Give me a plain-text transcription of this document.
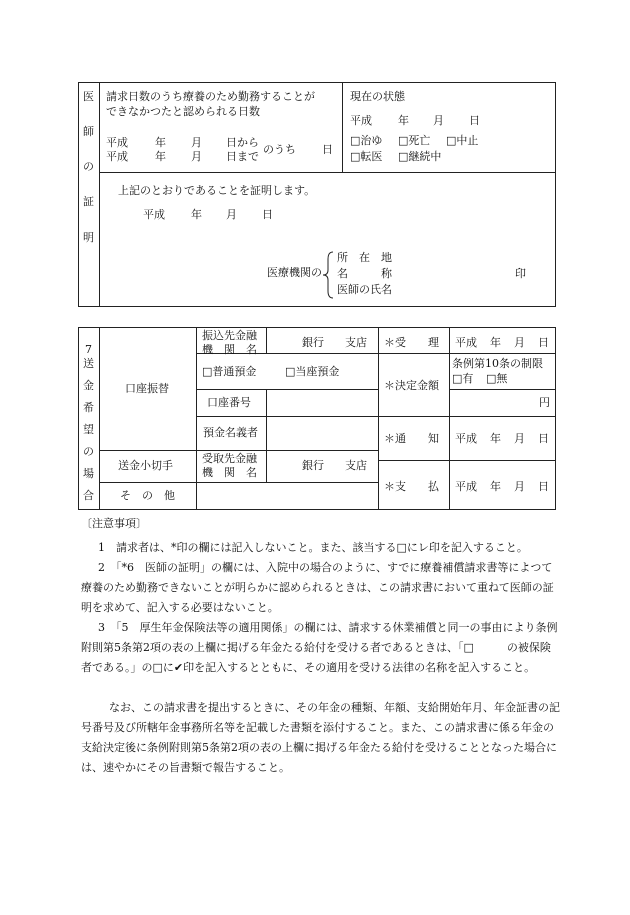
医
師
の
証
明
請求日数のうち療養のため勤務することが
できなかつたと認められる日数
平成 年 月 日から
平成 年 月 日まで
のうち 日
現在の状態
平成 年 月 日
□治ゆ □死亡 □中止
□転医 □継続中
上記のとおりであることを証明します。
平成 年 月 日
医療機関の
所　在　地
名　　　称
医師の氏名
印
7
送
金
希
望
の
場
合
口座振替
送金小切手
そ　の　他
振込先金融
機　関　名
銀行 支店
□普通預金	□当座預金
口座番号
預金名義者
受取先金融
機　関　名
銀行 支店
＊受　　理
＊決定金額
＊通　　知
＊支　　払
平成 年 月 日
条例第10条の制限
□有 □無
円
平成 年 月 日
平成 年 月 日
〔注意事項〕
1　請求者は、*印の欄には記入しないこと。また、該当する□にレ印を記入すること。
2　「*6　医師の証明」の欄には、入院中の場合のように、すでに療養補償請求書等によつて療養のため勤務できないことが明らかに認められるときは、この請求書において重ねて医師の証明を求めて、記入する必要はないこと。
3　「5　厚生年金保険法等の適用関係」の欄には、請求する休業補償と同一の事由により条例附則第5条第2項の表の上欄に掲げる年金たる給付を受ける者であるときは、「□　　　の被保険者である。」の□に✔印を記入するとともに、その適用を受ける法律の名称を記入すること。
　なお、この請求書を提出するときに、その年金の種類、年額、支給開始年月、年金証書の記号番号及び所轄年金事務所名等を記載した書類を添付すること。また、この請求書に係る年金の支給決定後に条例附則第5条第2項の表の上欄に掲げる年金たる給付を受けることとなった場合には、速やかにその旨書類で報告すること。
